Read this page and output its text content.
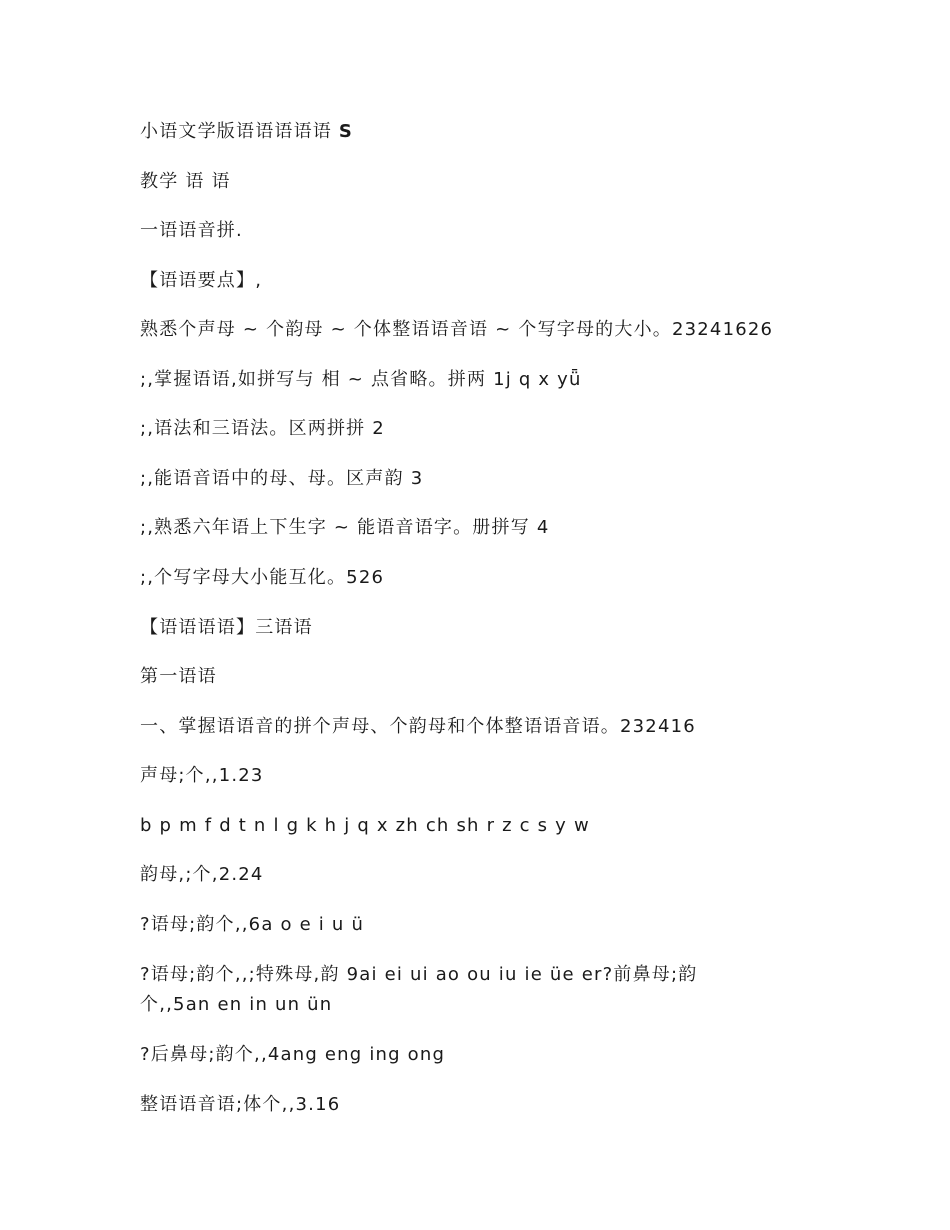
小语文学版语语语语语 S
教学 语 语
一语语音拼.
【语语要点】,
熟悉个声母 ~ 个韵母 ~ 个体整语语音语 ~ 个写字母的大小。23241626
;,掌握语语,如拼写与 相 ~ 点省略。拼两 1j q x yǖ
;,语法和三语法。区两拼拼 2
;,能语音语中的母、母。区声韵 3
;,熟悉六年语上下生字 ~ 能语音语字。册拼写 4
;,个写字母大小能互化。526
【语语语语】三语语
第一语语
一、掌握语语音的拼个声母、个韵母和个体整语语音语。232416
声母;个,,1.23
b p m f d t n l g k h j q x zh ch sh r z c s y w
韵母,;个,2.24
?语母;韵个,,6a o e i u ü
?语母;韵个,,;特殊母,韵 9ai ei ui ao ou iu ie üe er?前鼻母;韵个,,5an en in un ün
?后鼻母;韵个,,4ang eng ing ong
整语语音语;体个,,3.16
